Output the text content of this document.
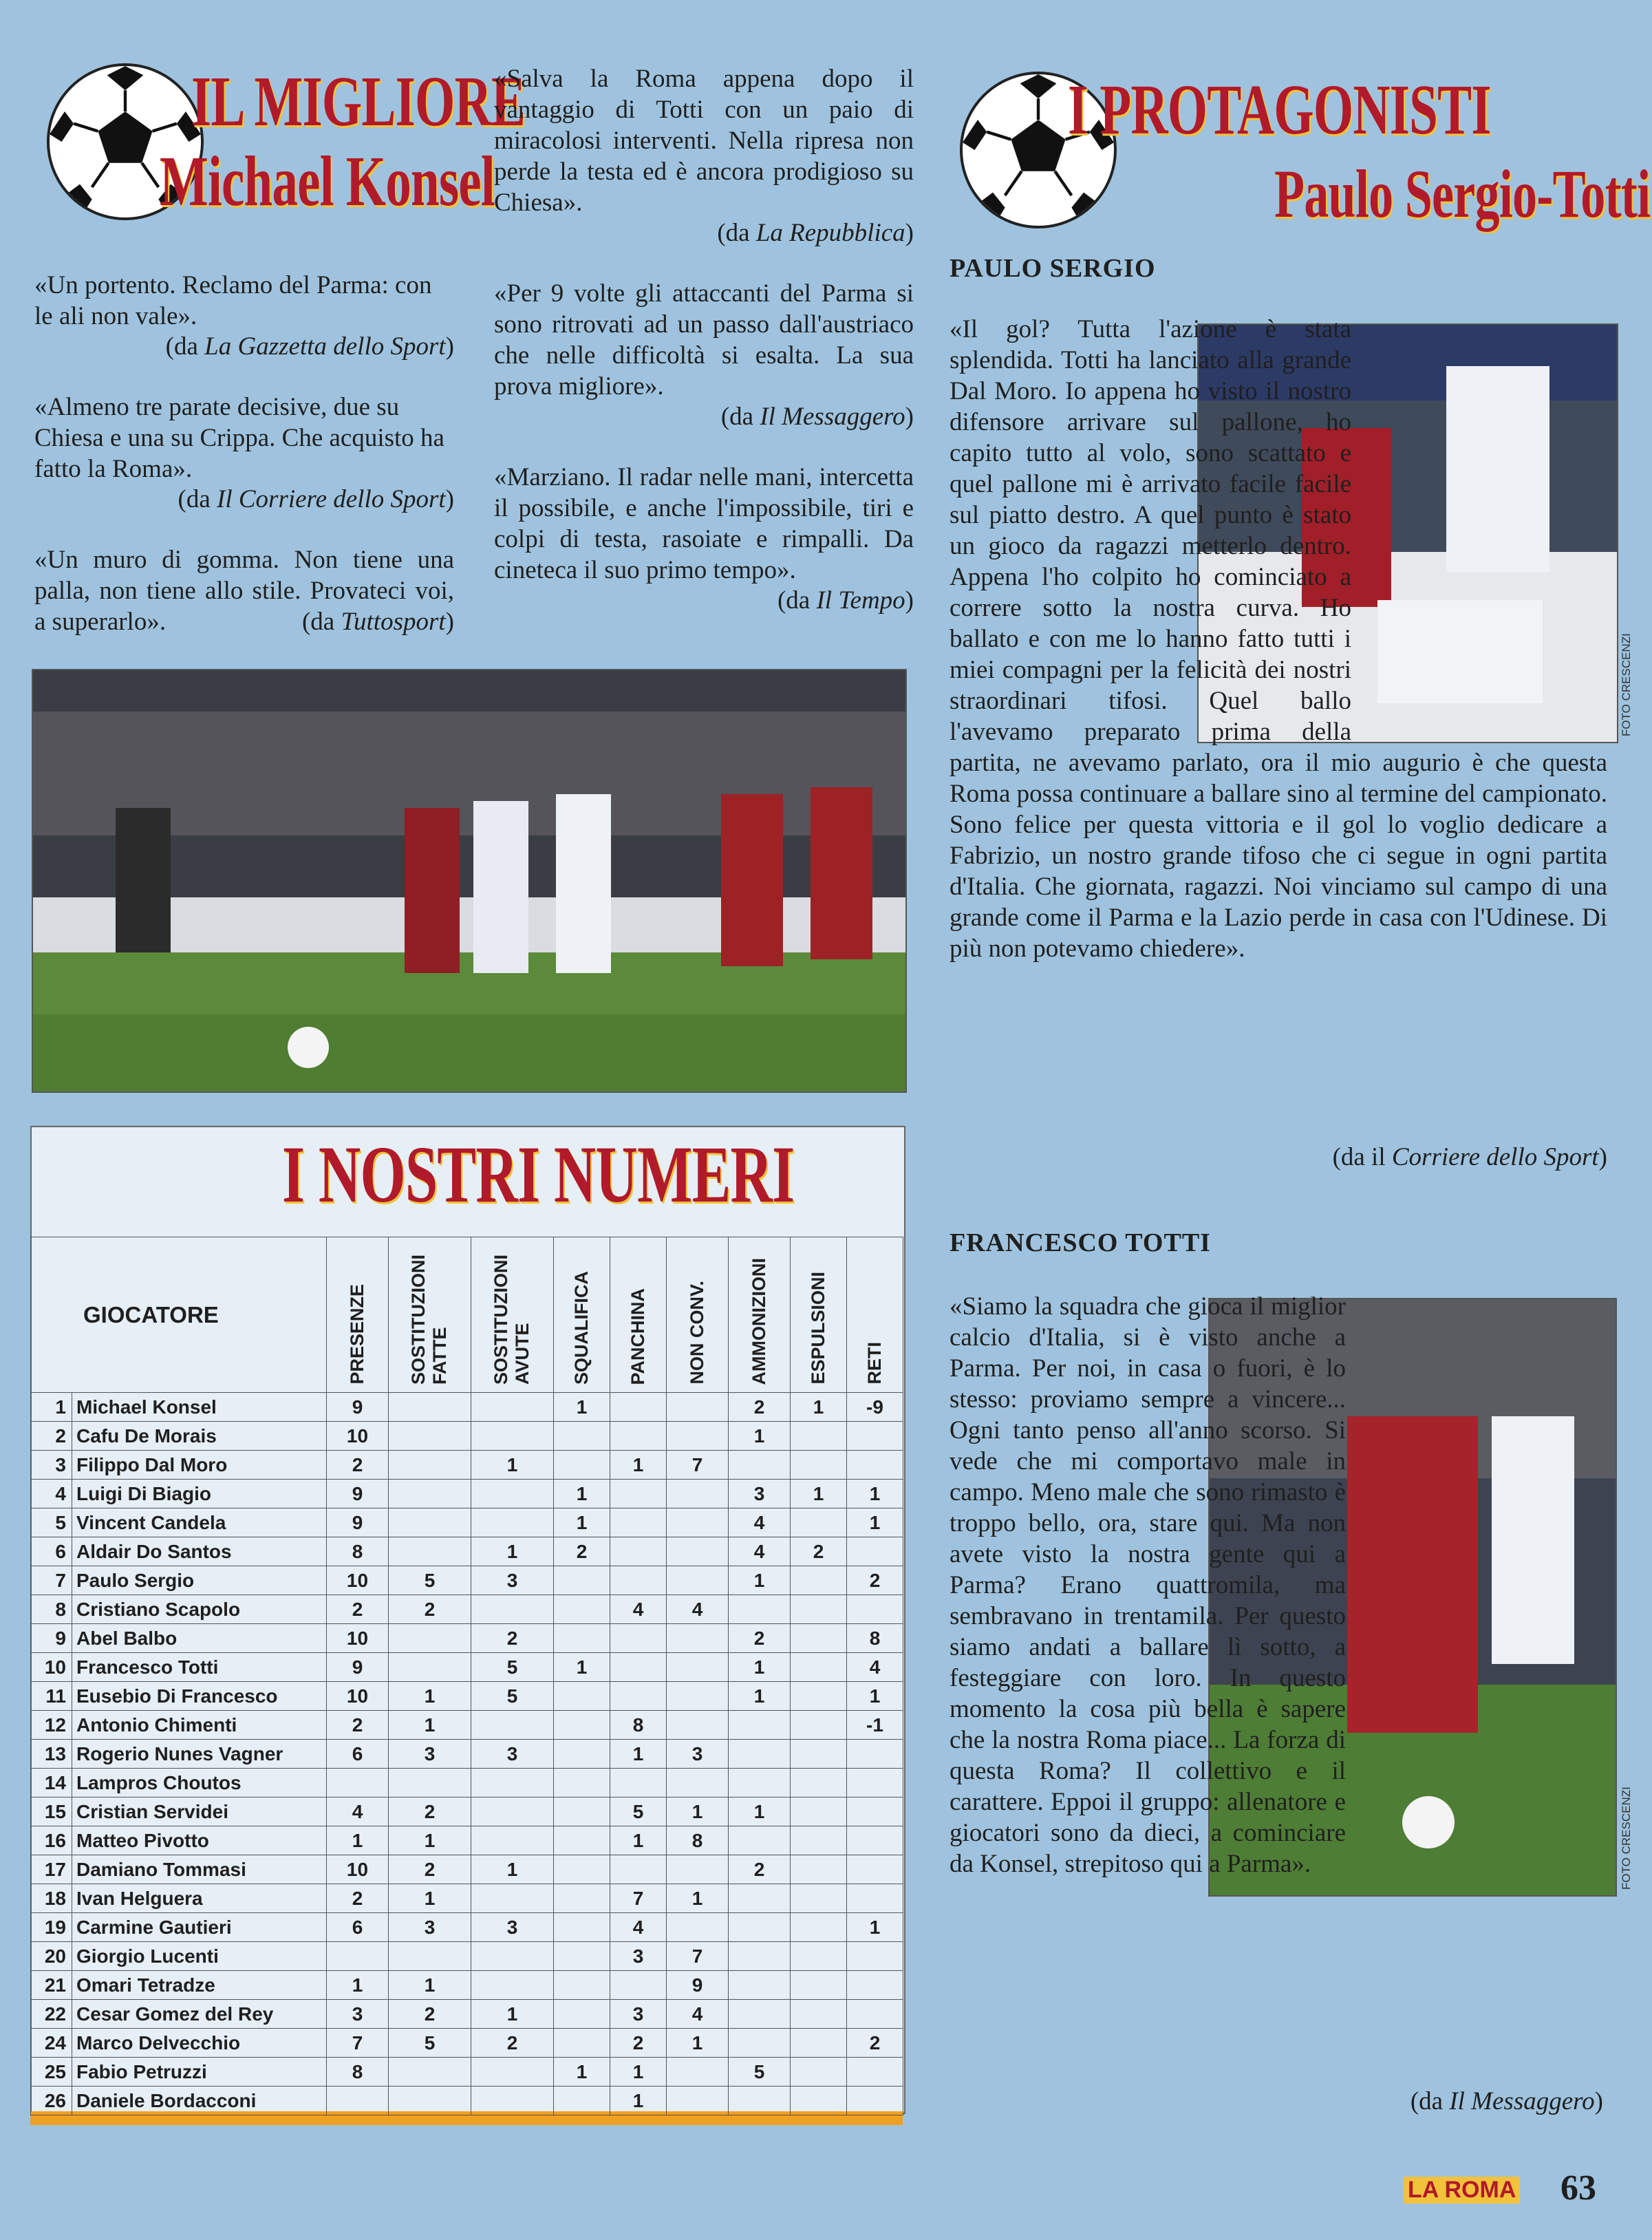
IL MIGLIORE
Michael Konsel

«Un portento. Reclamo del Parma: con le ali non vale».

(da La Gazzetta dello Sport)

«Almeno tre parate decisive, due su Chiesa e una su Crippa. Che acquisto ha fatto la Roma».

(da Il Corriere dello Sport)

«Un muro di gomma. Non tiene una palla, non tiene allo stile. Provateci voi, a superarlo».	(da Tuttosport)

«Salva la Roma appena dopo il vantaggio di Totti con un paio di miracolosi interventi. Nella ripresa non perde la testa ed è ancora prodigioso su Chiesa».

(da La Repubblica)

«Per 9 volte gli attaccanti del Parma si sono ritrovati ad un passo dall'austriaco che nelle difficoltà si esalta. La sua prova migliore».

(da Il Messaggero)

«Marziano. Il radar nelle mani, intercetta il possibile, e anche l'impossibile, tiri e colpi di testa, rasoiate e rimpalli. Da cineteca il suo primo tempo».

(da Il Tempo)

I NOSTRI NUMERI
GIOCATORE		PRESENZE	SOSTITUZIONI FATTE	SOSTITUZIONI AVUTE	SQUALIFICA	PANCHINA	NON CONV.	AMMONIZIONI	ESPULSIONI	RETI
1	Michael Konsel	9			1			2	1	-9
2	Cafu De Morais	10						1		
3	Filippo Dal Moro	2		1		1	7			
4	Luigi Di Biagio	9			1			3	1	1
5	Vincent Candela	9			1			4		1
6	Aldair Do Santos	8		1	2			4	2	
7	Paulo Sergio	10	5	3				1		2
8	Cristiano Scapolo	2	2			4	4			
9	Abel Balbo	10		2				2		8
10	Francesco Totti	9		5	1			1		4
11	Eusebio Di Francesco	10	1	5				1		1
12	Antonio Chimenti	2	1			8				-1
13	Rogerio Nunes Vagner	6	3	3		1	3			
14	Lampros Choutos									
15	Cristian Servidei	4	2			5	1	1		
16	Matteo Pivotto	1	1			1	8			
17	Damiano Tommasi	10	2	1				2		
18	Ivan Helguera	2	1			7	1			
19	Carmine Gautieri	6	3	3		4				1
20	Giorgio Lucenti					3	7			
21	Omari Tetradze	1	1				9			
22	Cesar Gomez del Rey	3	2	1		3	4			
24	Marco Delvecchio	7	5	2		2	1			2
25	Fabio Petruzzi	8			1	1		5		
26	Daniele Bordacconi					1				
I PROTAGONISTI
Paulo Sergio-Totti
PAULO SERGIO
FOTO CRESCENZI
«Il gol? Tutta l'azione è stata splendida. Totti ha lanciato alla grande Dal Moro. Io appena ho visto il nostro difensore arrivare sul pallone, ho capito tutto al volo, sono scattato e quel pallone mi è arrivato facile facile sul piatto destro. A quel punto è stato un gioco da ragazzi metterlo dentro. Appena l'ho colpito ho cominciato a correre sotto la nostra curva. Ho ballato e con me lo hanno fatto tutti i miei compagni per la felicità dei nostri straordinari tifosi. Quel ballo l'avevamo preparato prima della partita, ne avevamo parlato, ora il mio augurio è che questa Roma possa continuare a ballare sino al termine del campionato. Sono felice per questa vittoria e il gol lo voglio dedicare a Fabrizio, un nostro grande tifoso che ci segue in ogni partita d'Italia. Che giornata, ragazzi. Noi vinciamo sul campo di una grande come il Parma e la Lazio perde in casa con l'Udinese. Di più non potevamo chiedere».
(da il Corriere dello Sport)
FRANCESCO TOTTI
FOTO CRESCENZI
«Siamo la squadra che gioca il miglior calcio d'Italia, si è visto anche a Parma. Per noi, in casa o fuori, è lo stesso: proviamo sempre a vincere... Ogni tanto penso all'anno scorso. Si vede che mi comportavo male in campo. Meno male che sono rimasto è troppo bello, ora, stare qui. Ma non avete visto la nostra gente qui a Parma? Erano quattromila, ma sembravano in trentamila. Per questo siamo andati a ballare lì sotto, a festeggiare con loro. In questo momento la cosa più bella è sapere che la nostra Roma piace... La forza di questa Roma? Il collettivo e il carattere. Eppoi il gruppo: allenatore e giocatori sono da dieci, a cominciare da Konsel, strepitoso qui a Parma».
(da Il Messaggero)
LA ROMA 63
